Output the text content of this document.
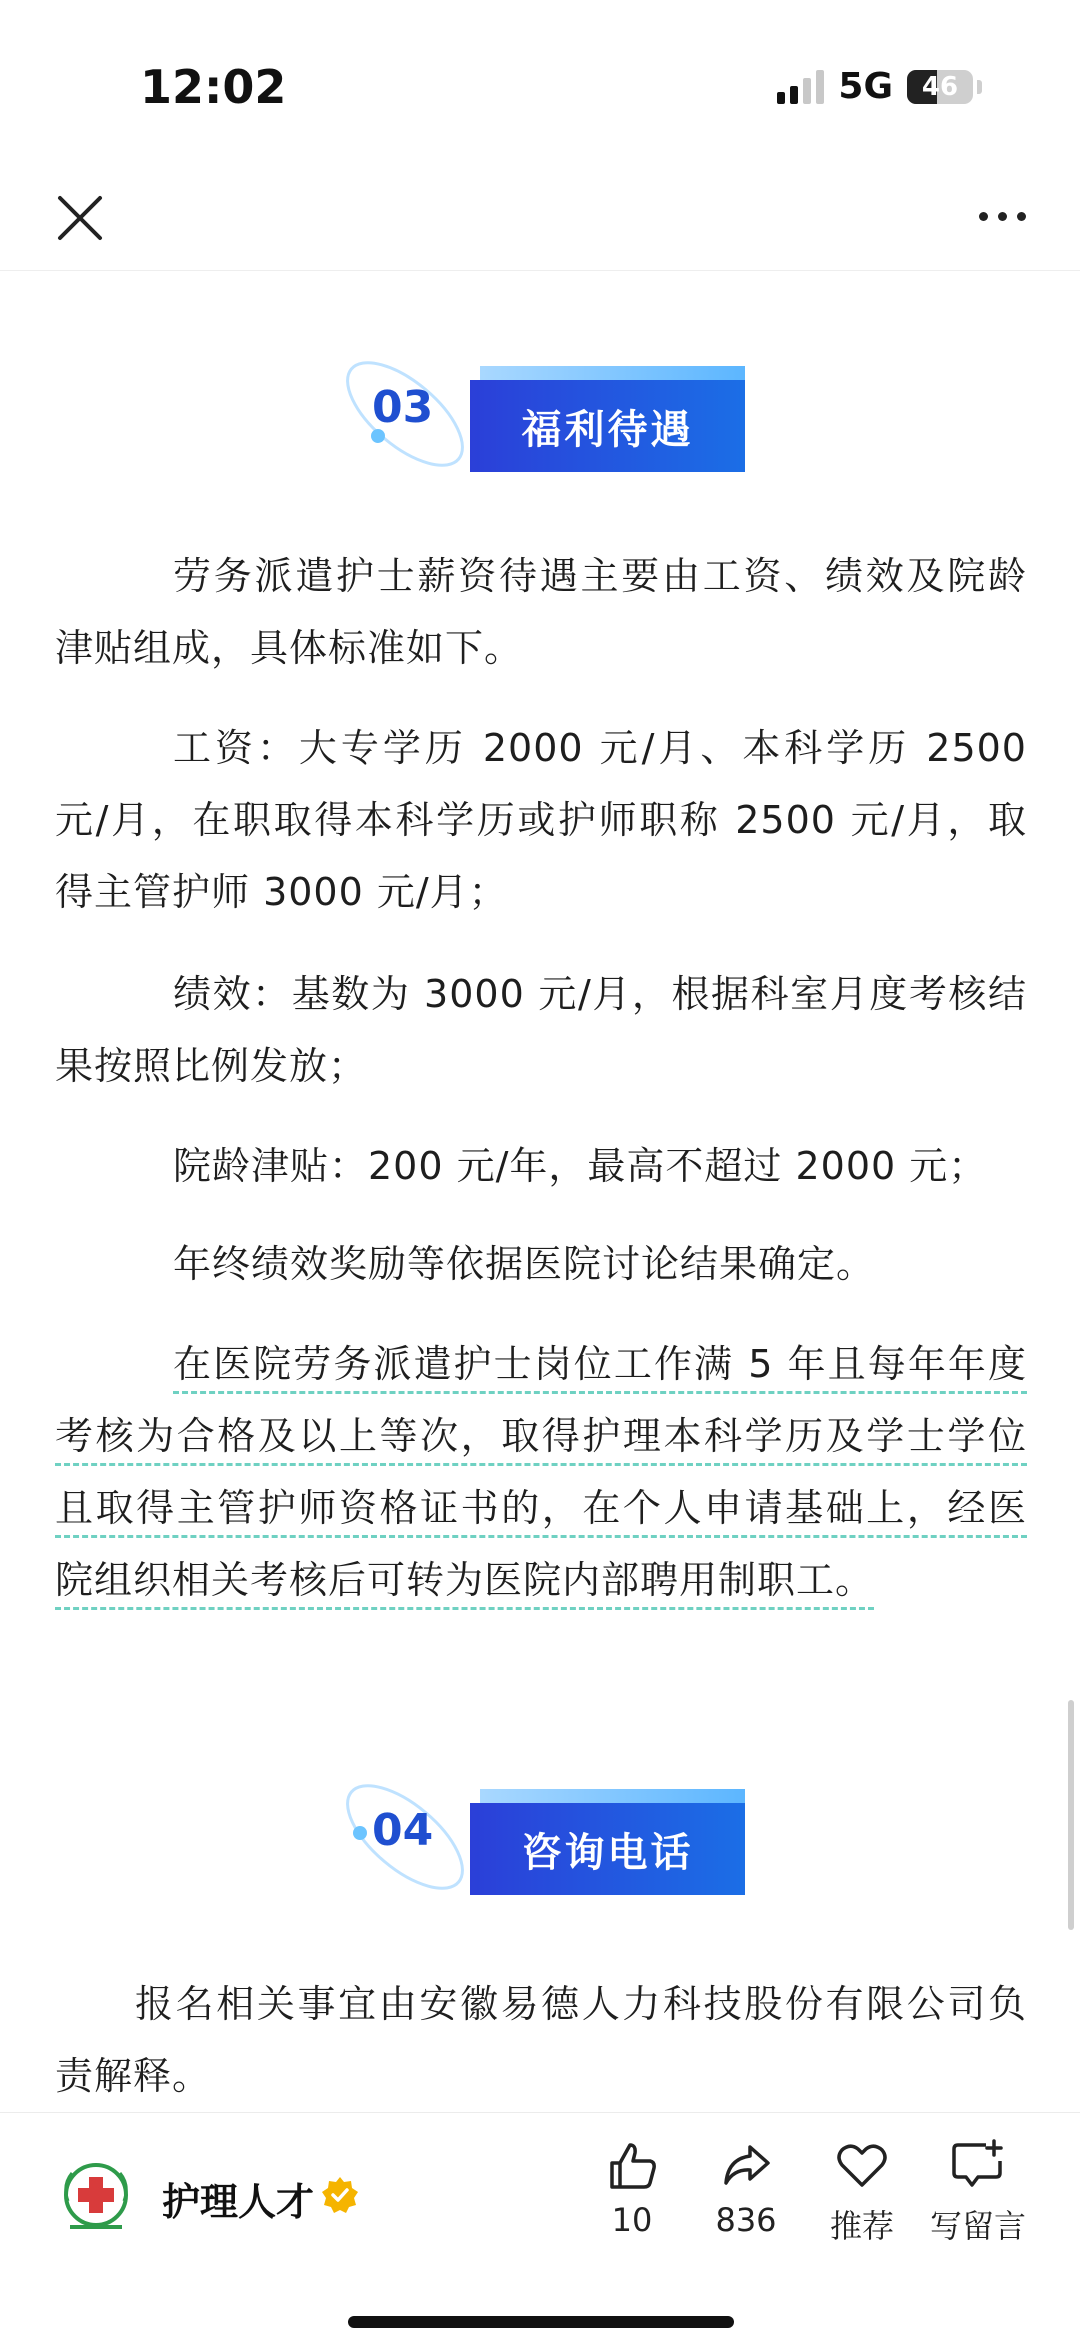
12:02	5G 46
03	福利待遇

劳务派遣护士薪资待遇主要由工资、绩效及院龄津贴组成，具体标准如下。

工资：大专学历 2000 元/月、本科学历 2500 元/月，在职取得本科学历或护师职称 2500 元/月，取得主管护师 3000 元/月；

绩效：基数为 3000 元/月，根据科室月度考核结果按照比例发放；

院龄津贴：200 元/年，最高不超过 2000 元；

年终绩效奖励等依据医院讨论结果确定。

在医院劳务派遣护士岗位工作满 5 年且每年年度考核为合格及以上等次，取得护理本科学历及学士学位且取得主管护师资格证书的，在个人申请基础上，经医院组织相关考核后可转为医院内部聘用制职工。

04	咨询电话

报名相关事宜由安徽易德人力科技股份有限公司负责解释。

护理人才	10	836	推荐	写留言
